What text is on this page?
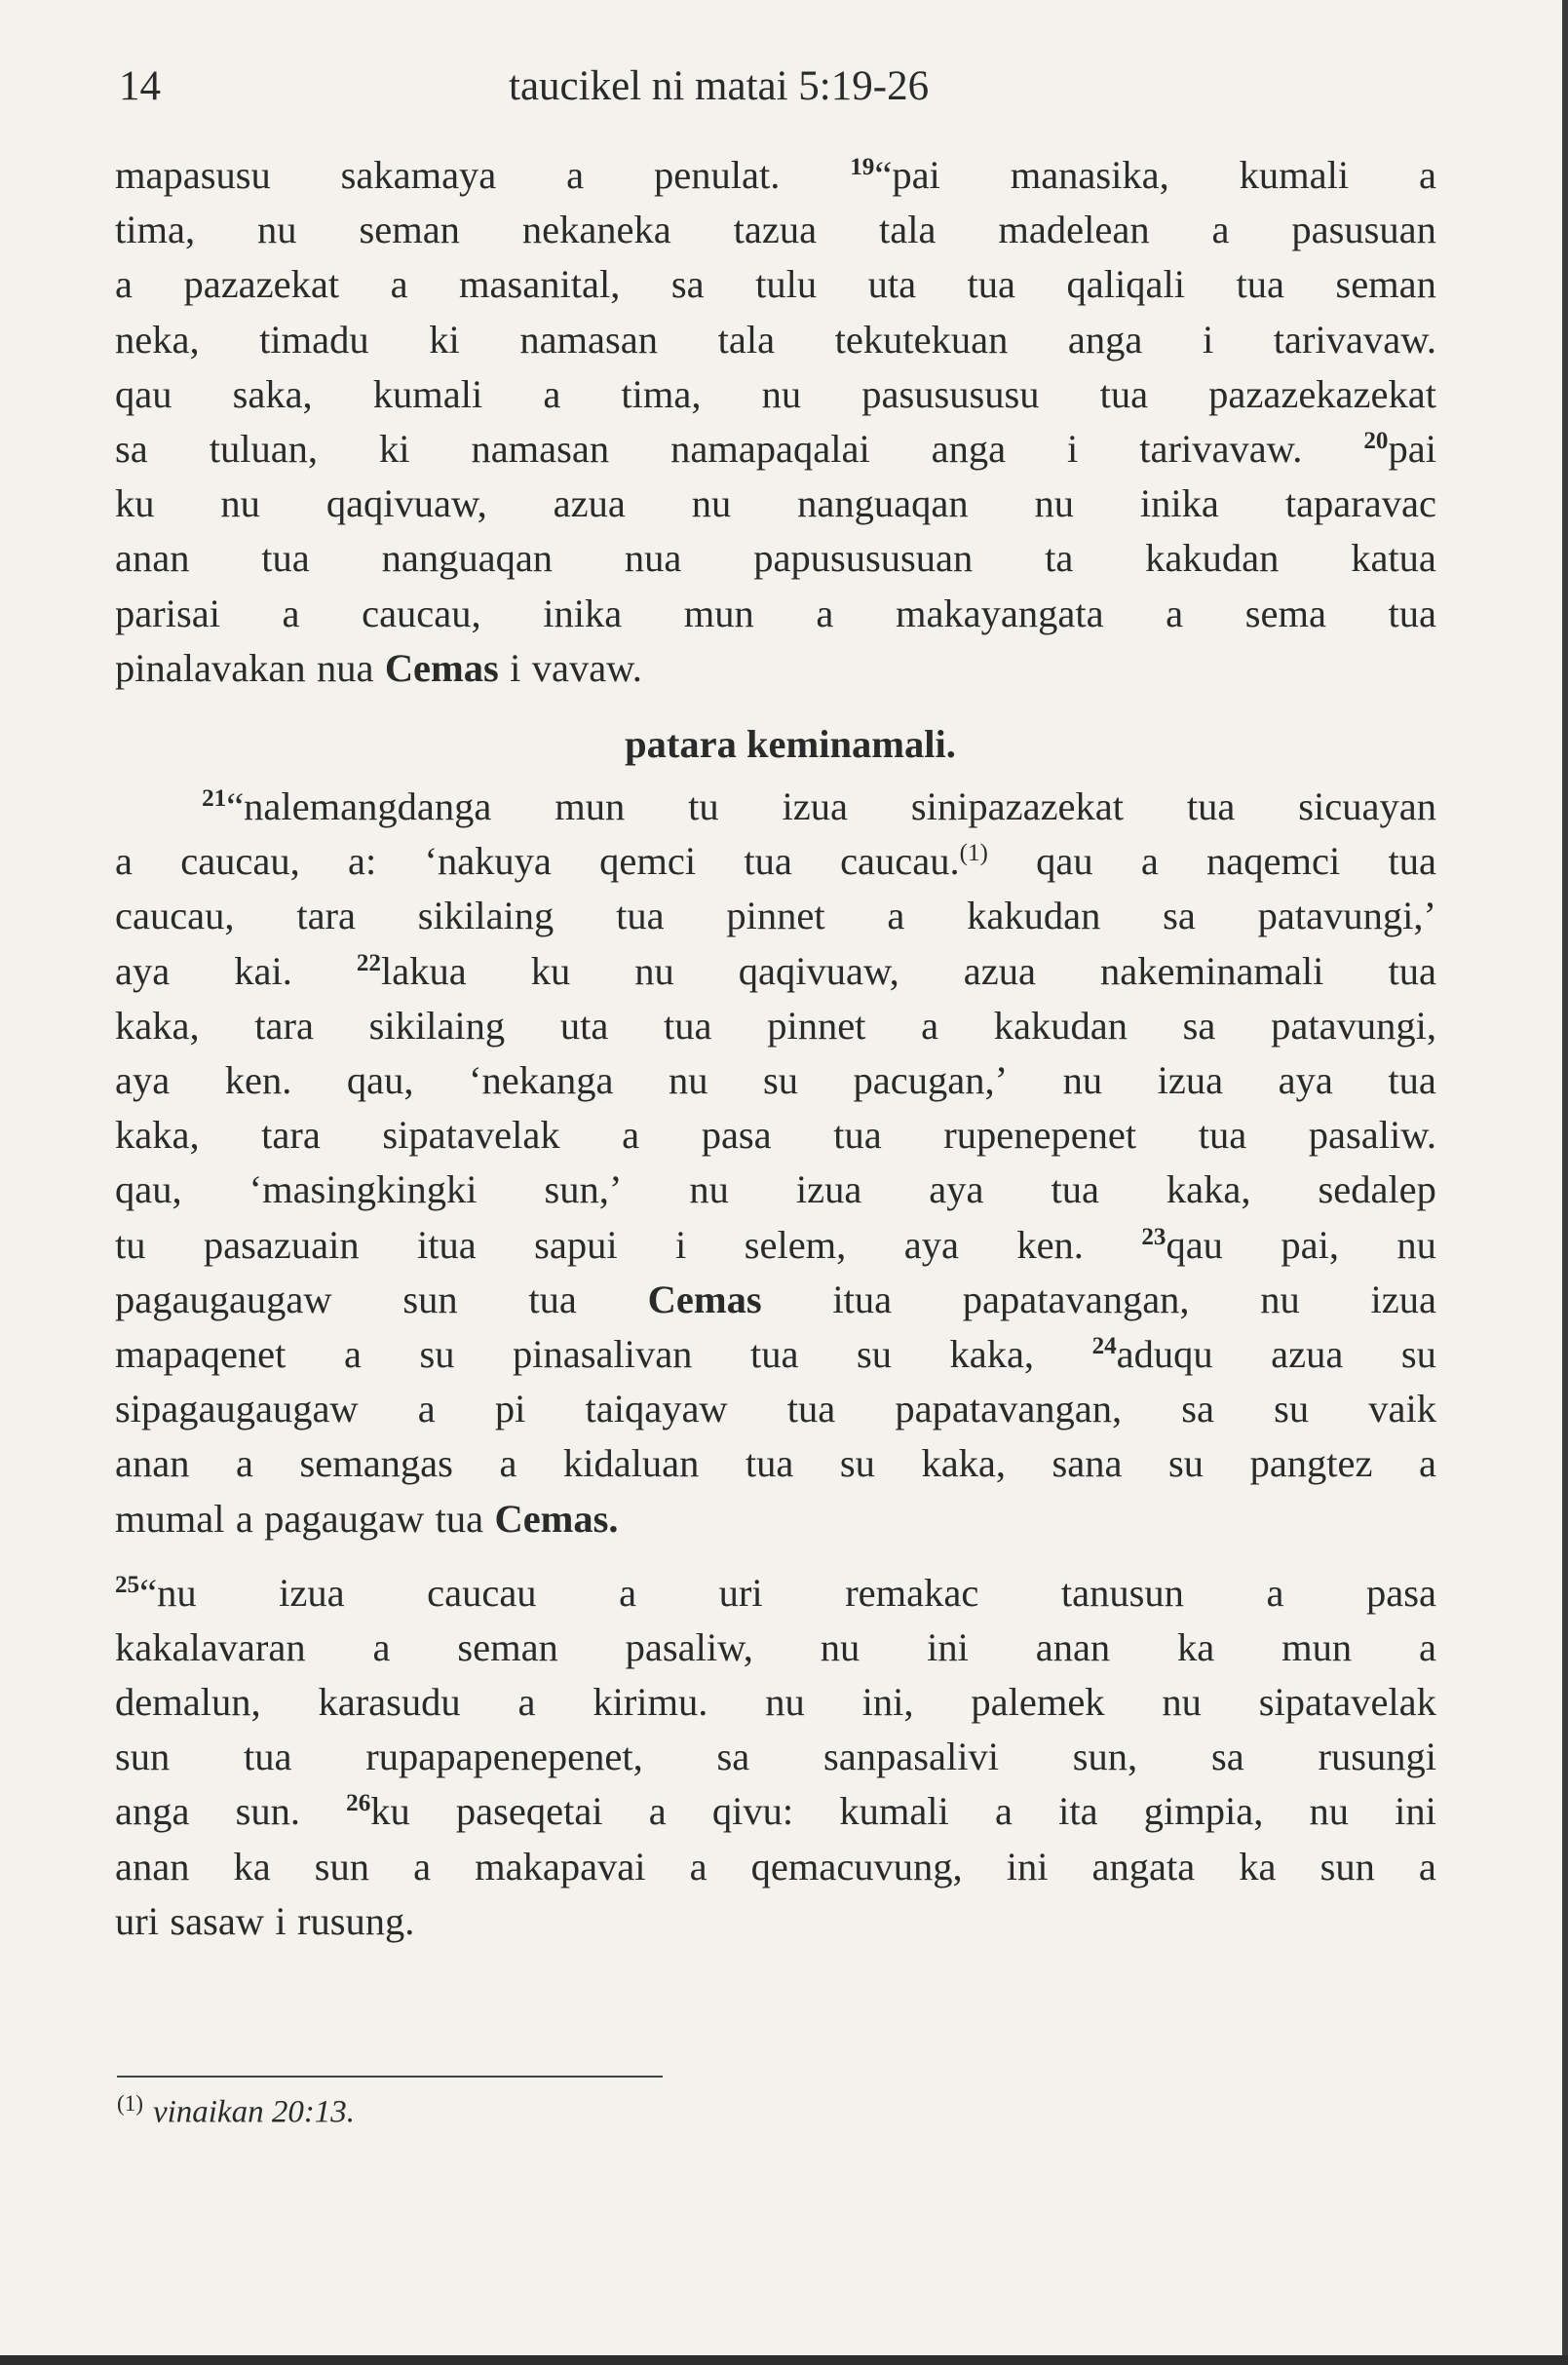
14	taucikel ni matai 5:19-26
mapasusu sakamaya a penulat.	$^{19}$“pai manasika, kumali a
tima, nu seman nekaneka tazua tala madelean a pasusuan
a pazazekat a masanital, sa tulu uta tua qaliqali tua seman
neka, timadu ki namasan tala tekutekuan anga i tarivavaw.
qau saka, kumali a tima, nu pasusususu tua pazazekazekat
sa tuluan, ki namasan namapaqalai anga i tarivavaw.	$^{20}$pai
ku nu qaqivuaw, azua nu nanguaqan nu inika taparavac
anan tua nanguaqan nua papusususuan ta kakudan katua
parisai a caucau, inika mun a makayangata a sema tua
pinalavakan nua Cemas i vavaw.
patara keminamali.
$^{21}$“nalemangdanga mun tu izua sinipazazekat tua sicuayan
a caucau, a: ‘nakuya qemci tua caucau.$^{(1)}$ qau a naqemci tua
caucau, tara sikilaing tua pinnet a kakudan sa patavungi,’
aya kai.	$^{22}$lakua ku nu qaqivuaw, azua nakeminamali tua
kaka, tara sikilaing uta tua pinnet a kakudan sa patavungi,
aya ken. qau, ‘nekanga nu su pacugan,’ nu izua aya tua
kaka, tara sipatavelak a pasa tua rupenepenet tua pasaliw.
qau, ‘masingkingki sun,’ nu izua aya tua kaka, sedalep
tu pasazuain itua sapui i selem, aya ken. $^{23}$qau pai, nu
pagaugaugaw sun tua Cemas itua papatavangan, nu izua
mapaqenet a su pinasalivan tua su kaka, $^{24}$aduqu azua su
sipagaugaugaw a pi taiqayaw tua papatavangan, sa su vaik
anan a semangas a kidaluan tua su kaka, sana su pangtez a
mumal a pagaugaw tua Cemas.
$^{25}$“nu izua caucau a uri remakac tanusun a pasa
kakalavaran a seman pasaliw, nu ini anan ka mun a
demalun, karasudu a kirimu. nu ini, palemek nu sipatavelak
sun tua rupapapenepenet, sa sanpasalivi sun, sa rusungi
anga sun. $^{26}$ku paseqetai a qivu: kumali a ita gimpia, nu ini
anan ka sun a makapavai a qemacuvung, ini angata ka sun a
uri sasaw i rusung.
$^{(1)}$ vinaikan 20:13.
